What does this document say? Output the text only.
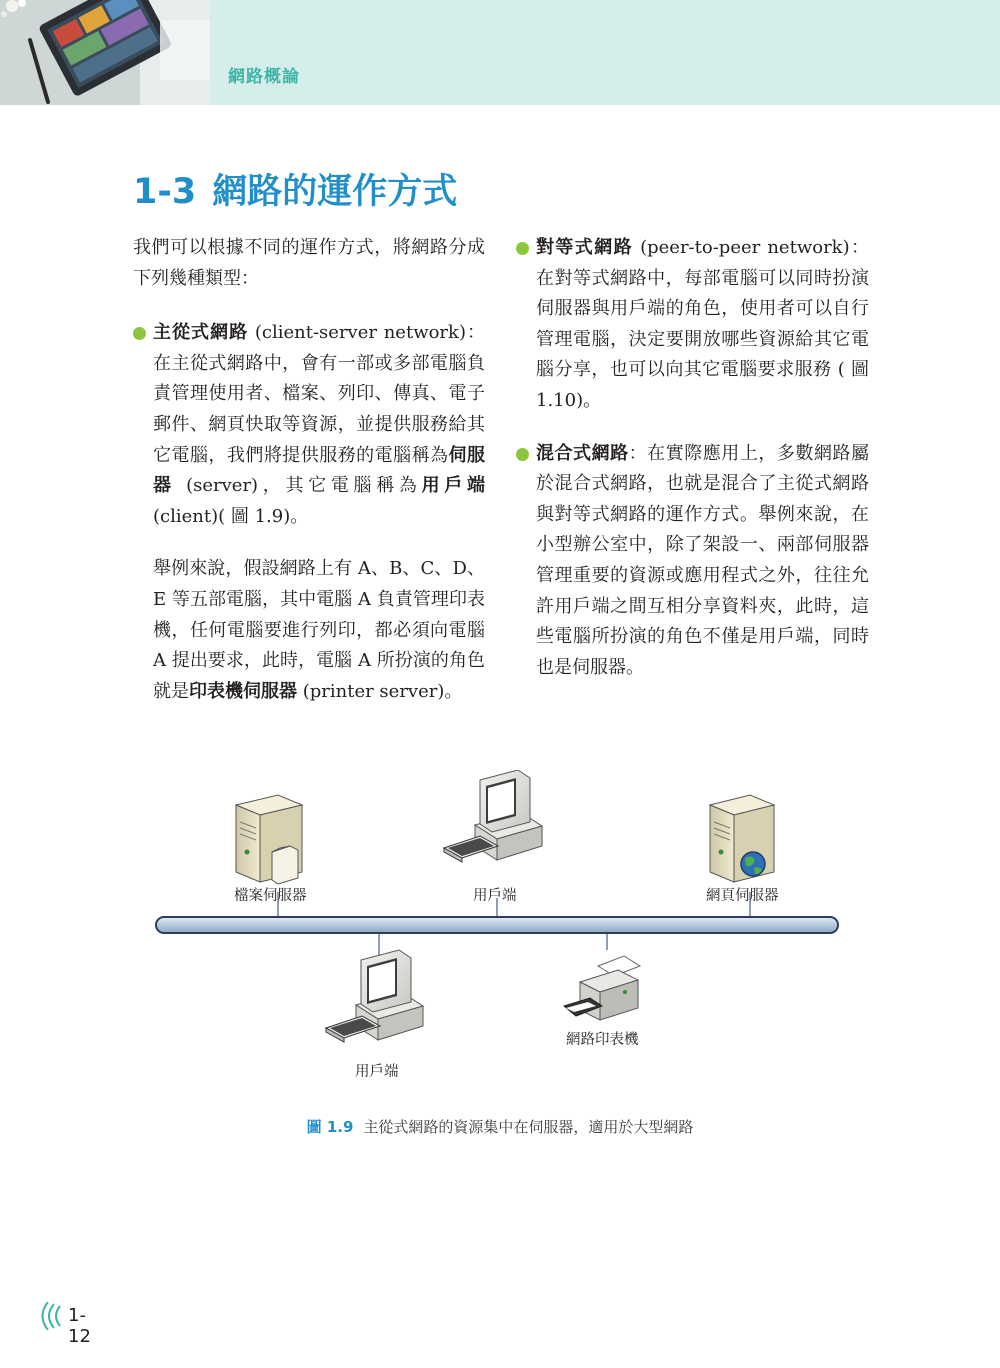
網路概論
1-3 網路的運作方式

我們可以根據不同的運作方式，將網路分成下列幾種類型：

主從式網路 (client-server network)：在主從式網路中，會有一部或多部電腦負責管理使用者、檔案、列印、傳真、電子郵件、網頁快取等資源，並提供服務給其它電腦，我們將提供服務的電腦稱為伺服器 (server)，其它電腦稱為用戶端 (client)( 圖 1.9)。

舉例來說，假設網路上有 A、B、C、D、E 等五部電腦，其中電腦 A 負責管理印表機，任何電腦要進行列印，都必須向電腦 A 提出要求，此時，電腦 A 所扮演的角色就是印表機伺服器 (printer server)。

對等式網路 (peer-to-peer network)：在對等式網路中，每部電腦可以同時扮演伺服器與用戶端的角色，使用者可以自行管理電腦，決定要開放哪些資源給其它電腦分享，也可以向其它電腦要求服務 ( 圖 1.10)。

混合式網路：在實際應用上，多數網路屬於混合式網路，也就是混合了主從式網路與對等式網路的運作方式。舉例來說，在小型辦公室中，除了架設一、兩部伺服器管理重要的資源或應用程式之外，往往允許用戶端之間互相分享資料夾，此時，這些電腦所扮演的角色不僅是用戶端，同時也是伺服器。

檔案伺服器	用戶端	網頁伺服器
用戶端
網路印表機
圖 1.9 主從式網路的資源集中在伺服器，適用於大型網路
1-12
